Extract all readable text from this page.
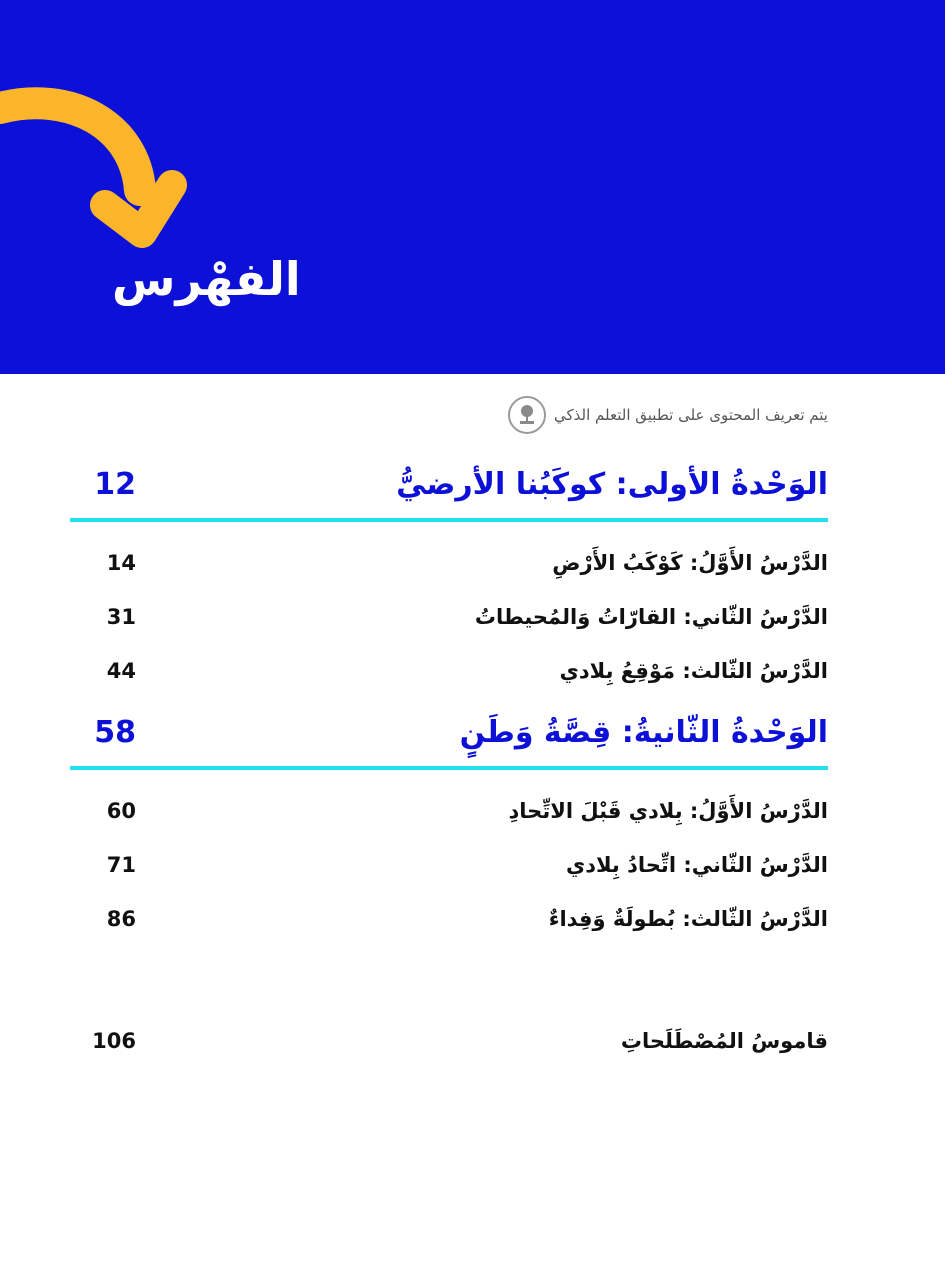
الفهْرس
يتم تعريف المحتوى على تطبيق التعلم الذكي
12	الوَحْدةُ الأولى: كوكَبُنا الأرضيُّ
14	الدَّرْسُ الأَوَّلُ: كَوْكَبُ الأَرْضِ
31	الدَّرْسُ الثّاني: القارّاتُ وَالمُحيطاتُ
44	الدَّرْسُ الثّالث: مَوْقِعُ بِلادي
58	الوَحْدةُ الثّانيةُ: قِصَّةُ وَطَنٍ
60	الدَّرْسُ الأَوَّلُ: بِلادي قَبْلَ الاتِّحادِ
71	الدَّرْسُ الثّاني: اتِّحادُ بِلادي
86	الدَّرْسُ الثّالث: بُطولَةٌ وَفِداءٌ
106	قاموسُ المُصْطَلَحاتِ
